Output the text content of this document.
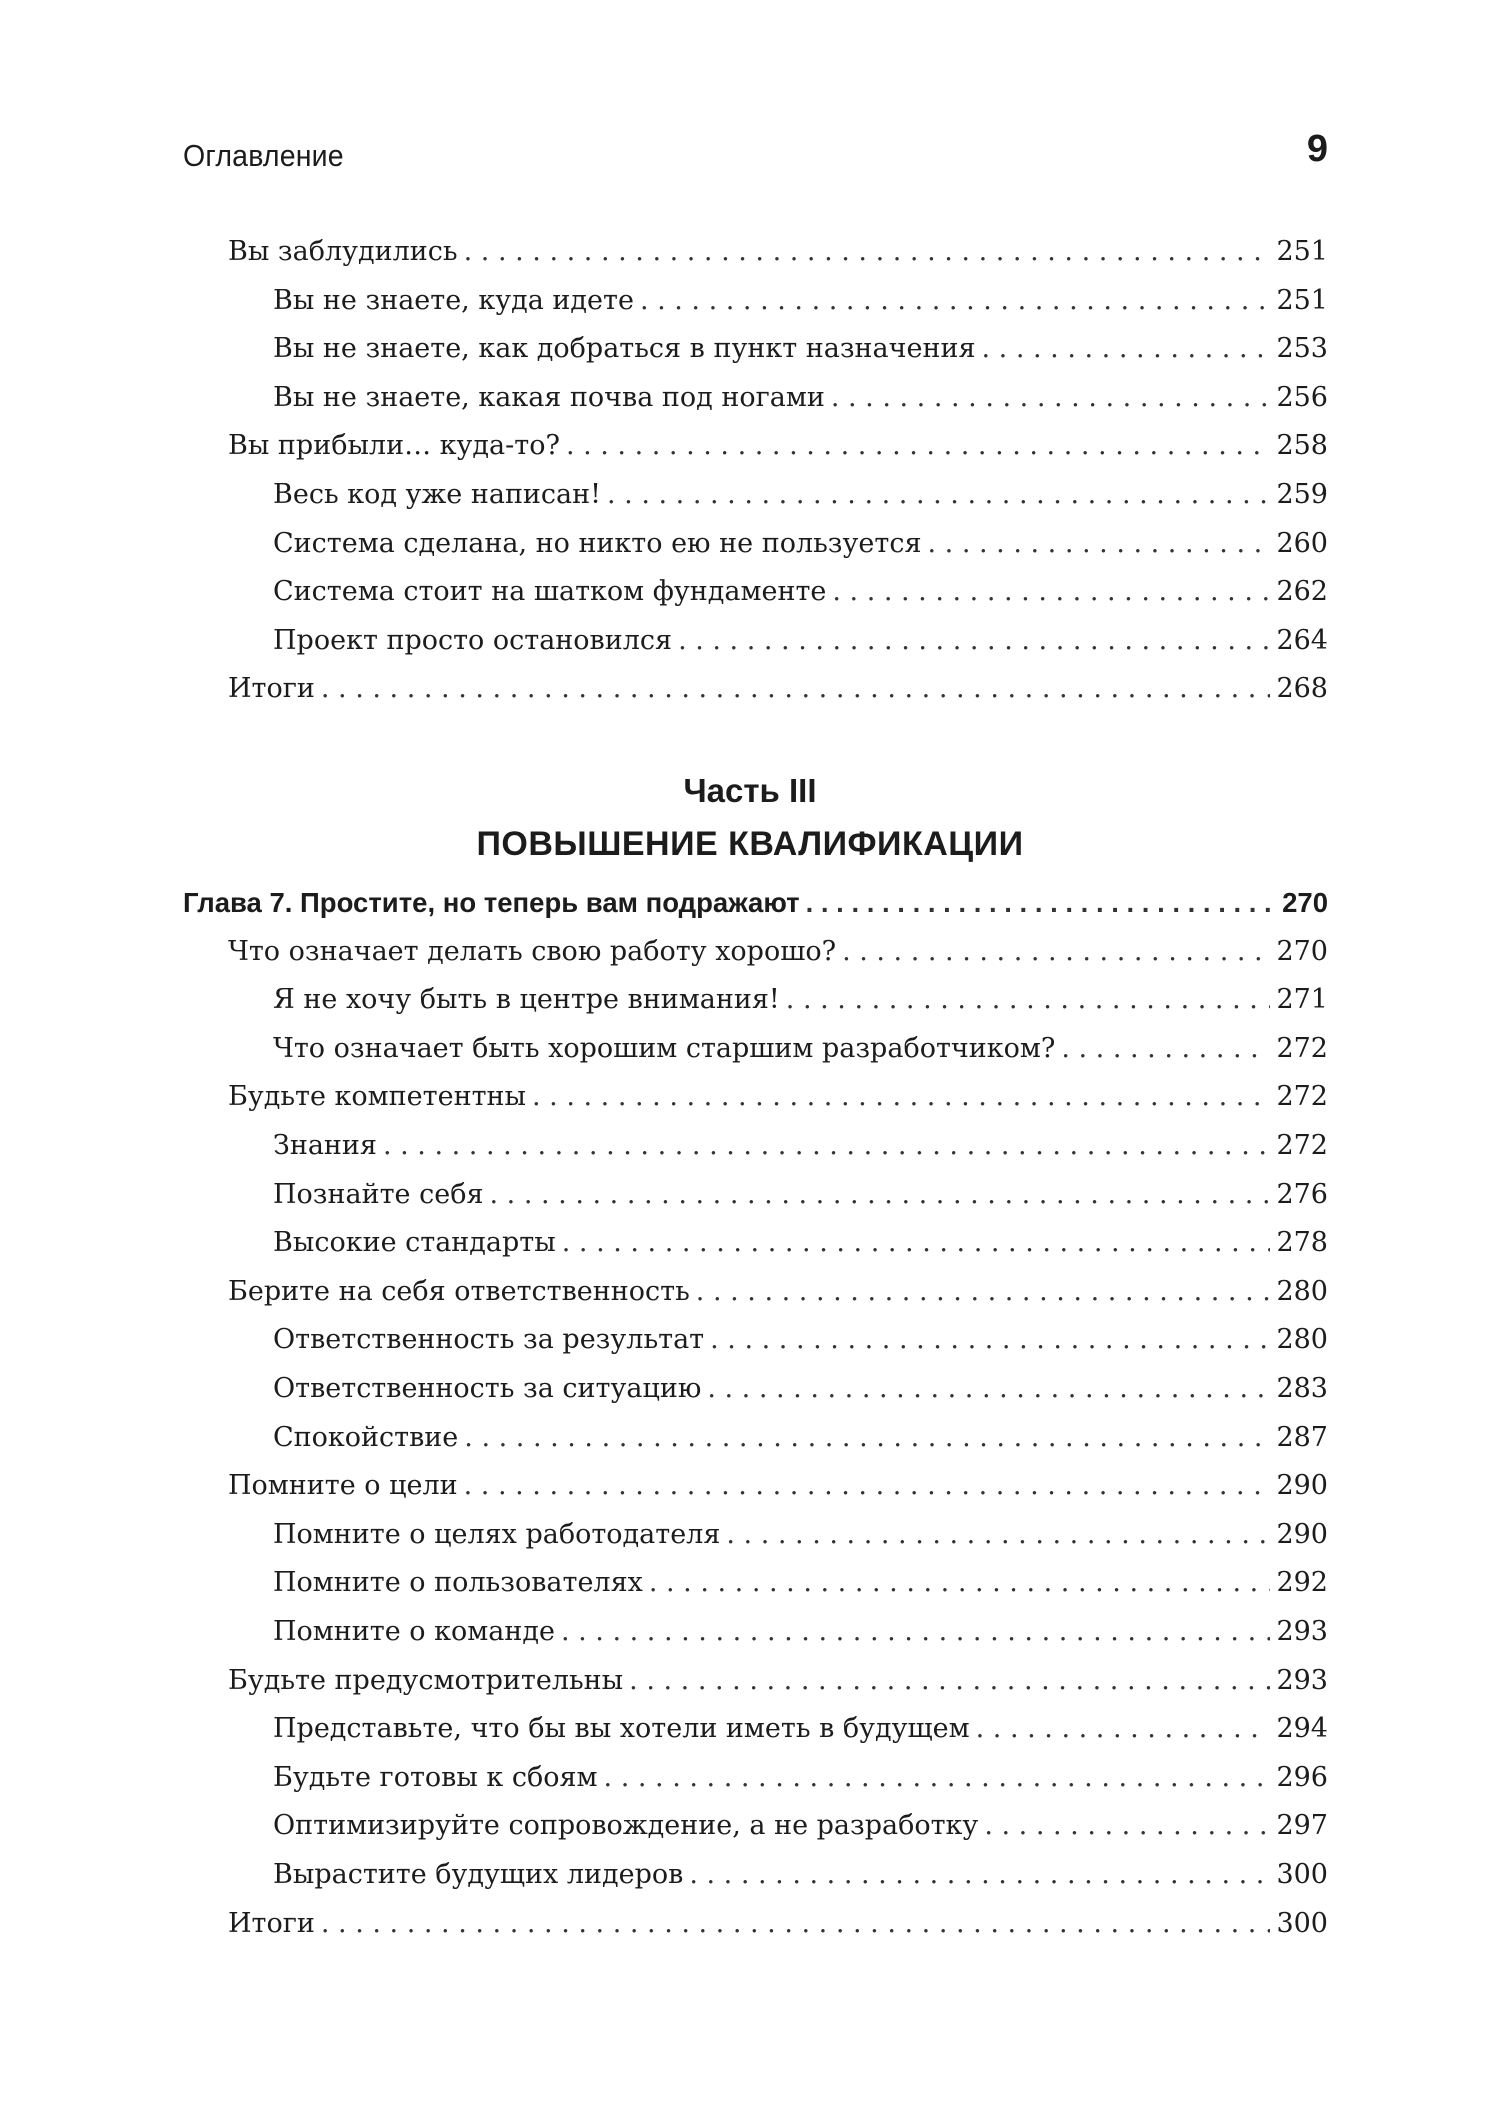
Оглавление	9
Вы заблудились . . .	251
Вы не знаете, куда идете . . .	251
Вы не знаете, как добраться в пункт назначения . . .	253
Вы не знаете, какая почва под ногами . . .	256
Вы прибыли… куда-то? . . .	258
Весь код уже написан! . . .	259
Система сделана, но никто ею не пользуется . . .	260
Система стоит на шатком фундаменте . . .	262
Проект просто остановился . . .	264
Итоги . . .	268
Часть III
ПОВЫШЕНИЕ КВАЛИФИКАЦИИ
Глава 7. Простите, но теперь вам подражают . . .	270
Что означает делать свою работу хорошо? . . .	270
Я не хочу быть в центре внимания! . . .	271
Что означает быть хорошим старшим разработчиком? . . .	272
Будьте компетентны . . .	272
Знания . . .	272
Познайте себя . . .	276
Высокие стандарты . . .	278
Берите на себя ответственность . . .	280
Ответственность за результат . . .	280
Ответственность за ситуацию . . .	283
Спокойствие . . .	287
Помните о цели . . .	290
Помните о целях работодателя . . .	290
Помните о пользователях . . .	292
Помните о команде . . .	293
Будьте предусмотрительны . . .	293
Представьте, что бы вы хотели иметь в будущем . . .	294
Будьте готовы к сбоям . . .	296
Оптимизируйте сопровождение, а не разработку . . .	297
Вырастите будущих лидеров . . .	300
Итоги . . .	300
